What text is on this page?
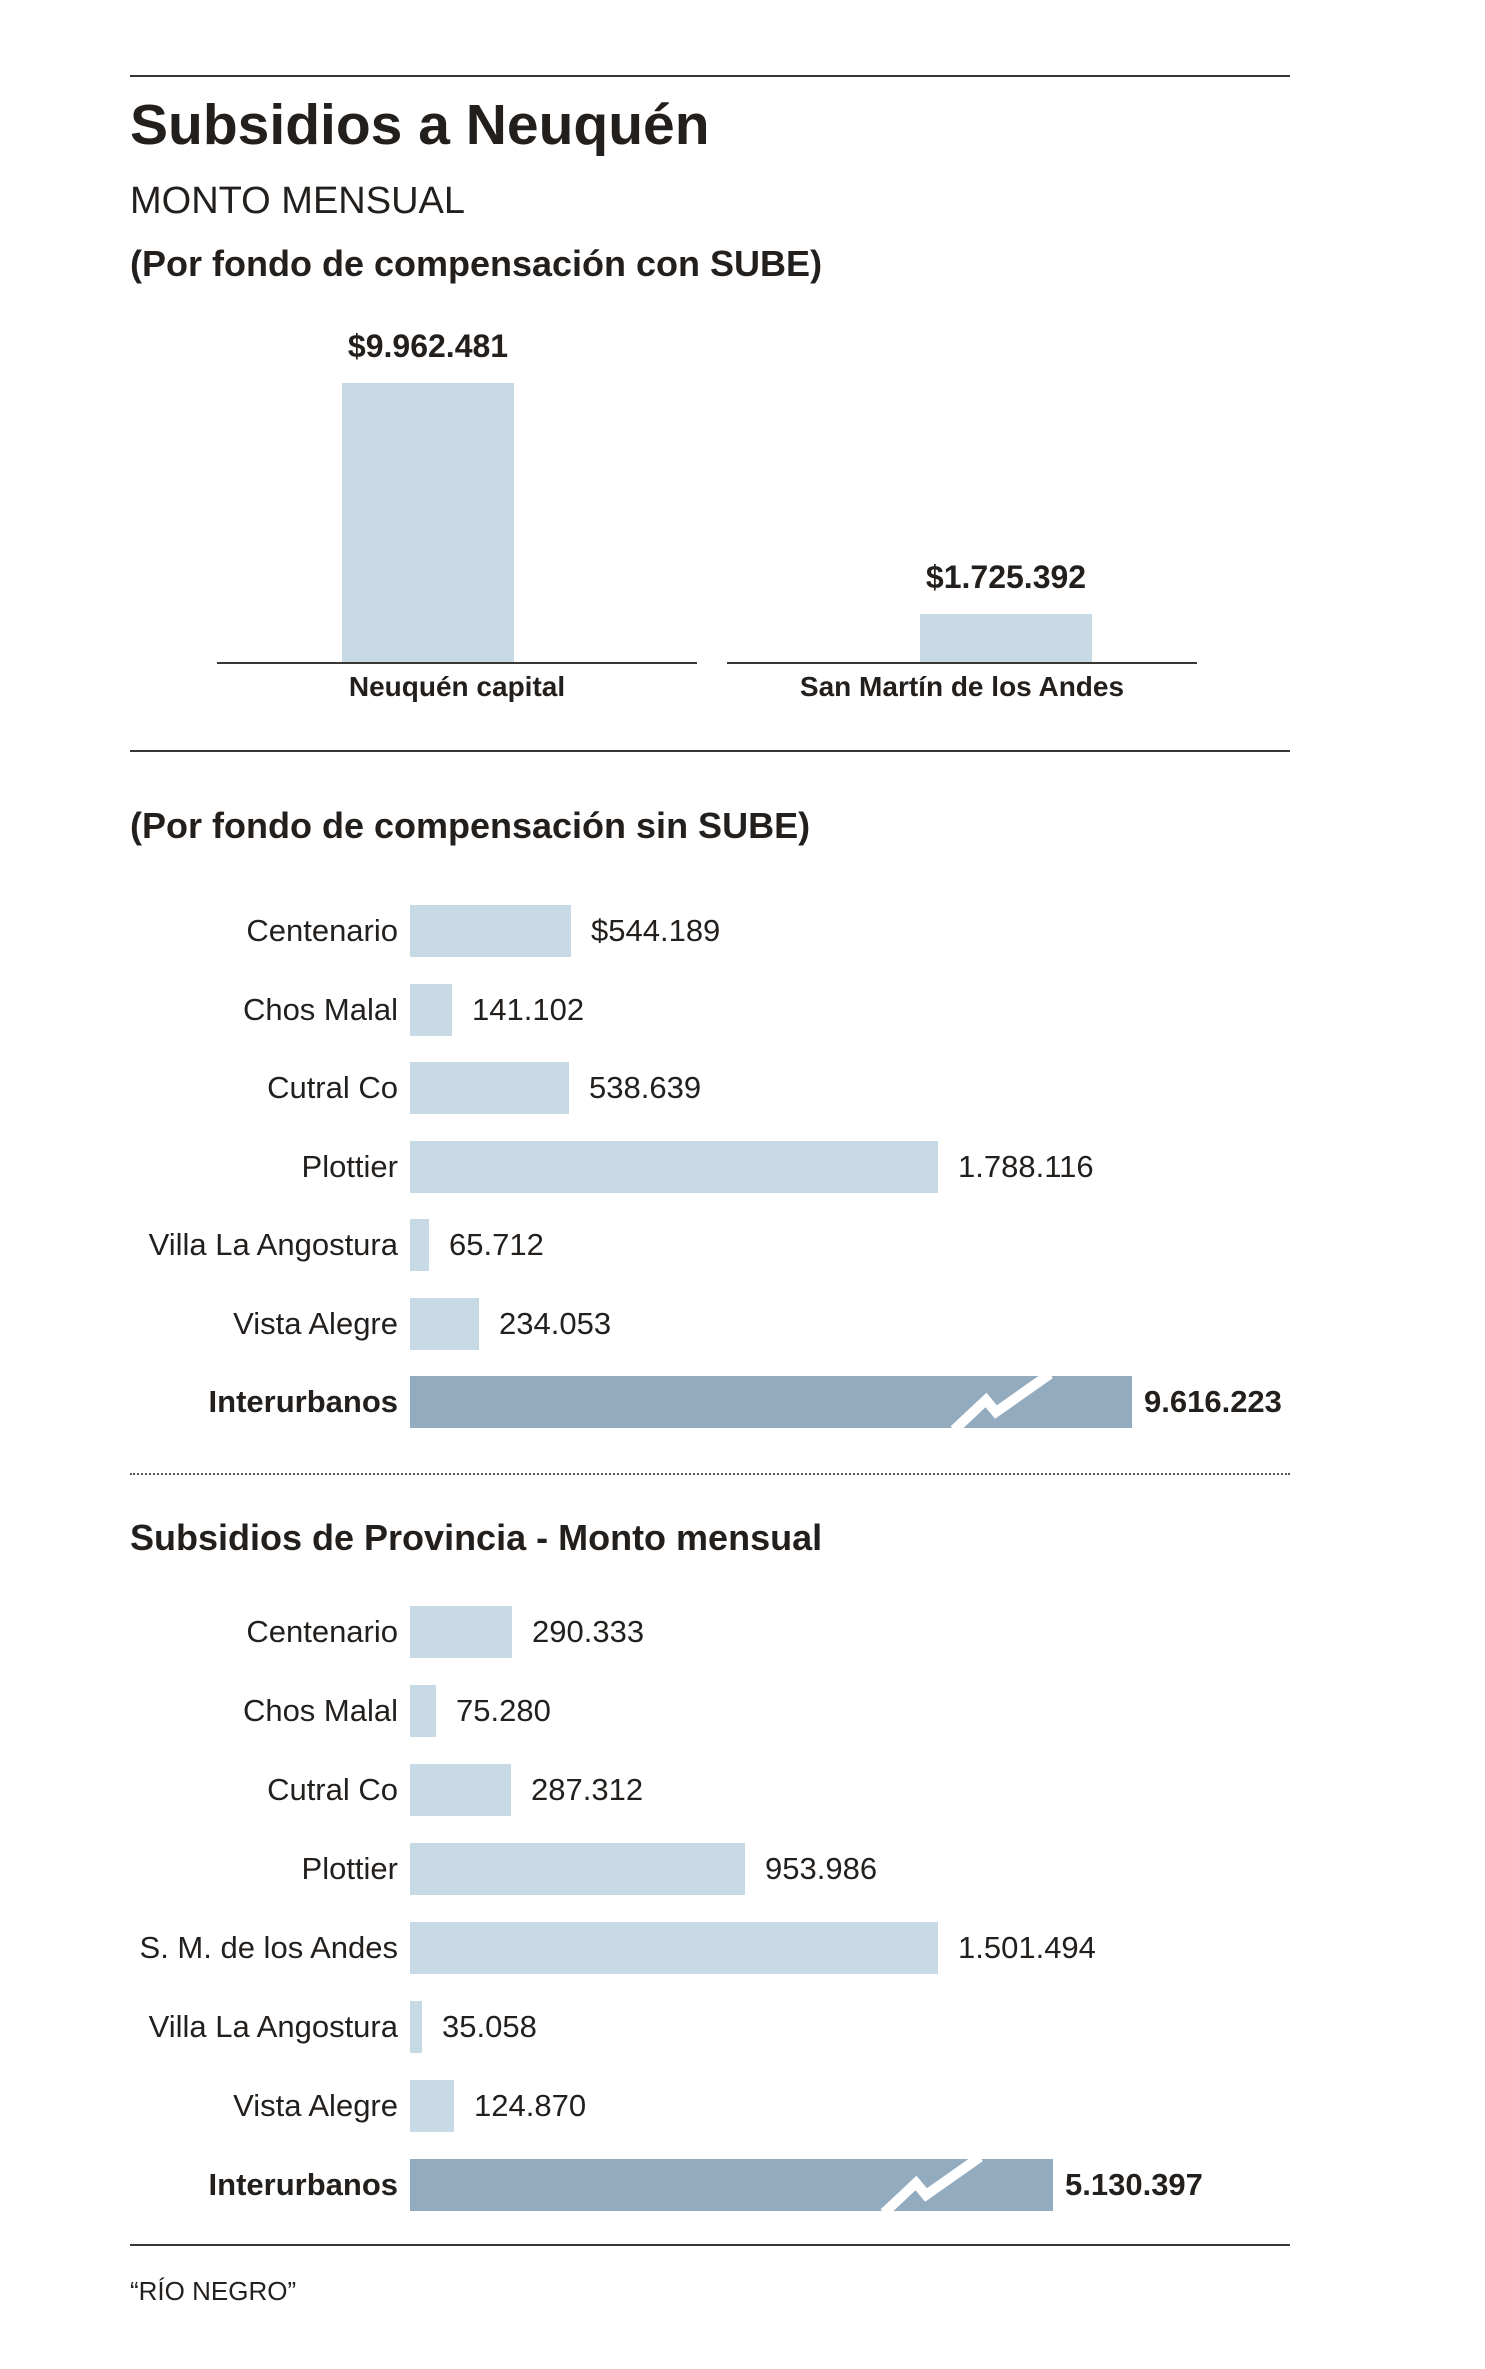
Subsidios a Neuquén
MONTO MENSUAL
(Por fondo de compensación con SUBE)
$9.962.481
Neuquén capital
$1.725.392
San Martín de los Andes
(Por fondo de compensación sin SUBE)
Centenario	$544.189
Chos Malal 141.102
Cutral Co	538.639
Plottier	1.788.116
Villa La Angostura 65.712
Vista Alegre	234.053
Interurbanos	9.616.223
Subsidios de Provincia - Monto mensual
Centenario	290.333
Chos Malal 75.280
Cutral Co	287.312
Plottier	953.986
S. M. de los Andes	1.501.494
Villa La Angostura 35.058
Vista Alegre 124.870
Interurbanos	5.130.397
“RÍO NEGRO”
